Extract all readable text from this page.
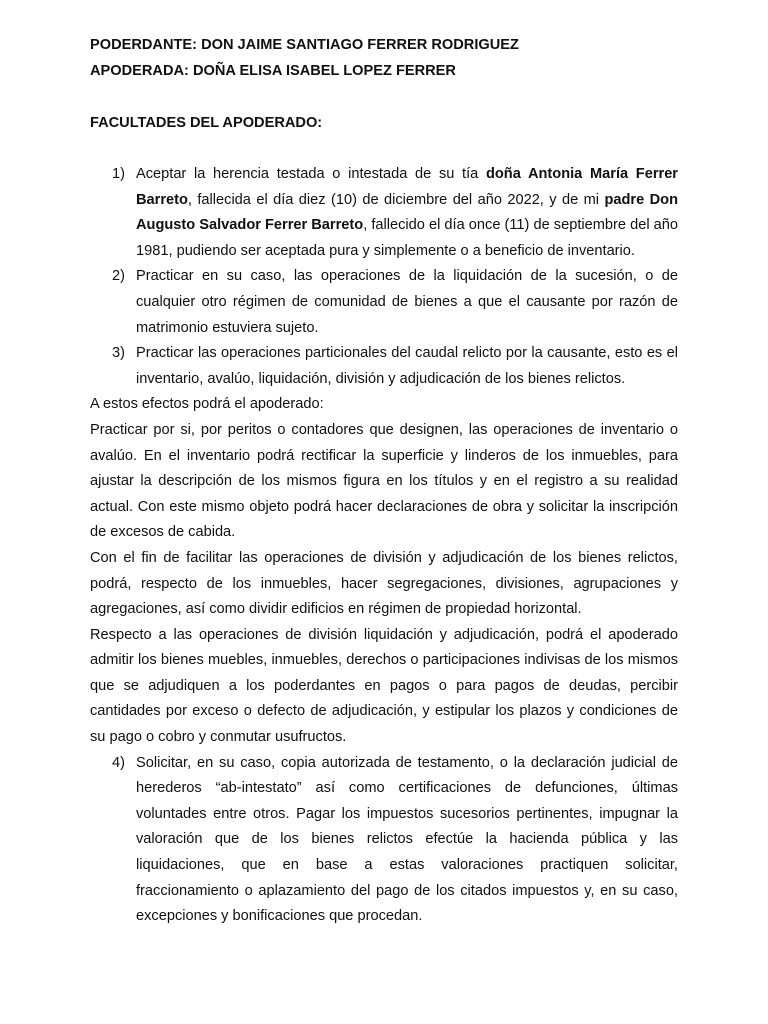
PODERDANTE: DON JAIME SANTIAGO FERRER RODRIGUEZ

APODERADA: DOÑA ELISA ISABEL LOPEZ FERRER

FACULTADES DEL APODERADO:

1) Aceptar la herencia testada o intestada de su tía doña Antonia María Ferrer Barreto, fallecida el día diez (10) de diciembre del año 2022, y de mi padre Don Augusto Salvador Ferrer Barreto, fallecido el día once (11) de septiembre del año 1981, pudiendo ser aceptada pura y simplemente o a beneficio de inventario.
2) Practicar en su caso, las operaciones de la liquidación de la sucesión, o de cualquier otro régimen de comunidad de bienes a que el causante por razón de matrimonio estuviera sujeto.
3) Practicar las operaciones particionales del caudal relicto por la causante, esto es el inventario, avalúo, liquidación, división y adjudicación de los bienes relictos.

A estos efectos podrá el apoderado:

Practicar por si, por peritos o contadores que designen, las operaciones de inventario o avalúo. En el inventario podrá rectificar la superficie y linderos de los inmuebles, para ajustar la descripción de los mismos figura en los títulos y en el registro a su realidad actual. Con este mismo objeto podrá hacer declaraciones de obra y solicitar la inscripción de excesos de cabida.

Con el fin de facilitar las operaciones de división y adjudicación de los bienes relictos, podrá, respecto de los inmuebles, hacer segregaciones, divisiones, agrupaciones y agregaciones, así como dividir edificios en régimen de propiedad horizontal.

Respecto a las operaciones de división liquidación y adjudicación, podrá el apoderado admitir los bienes muebles, inmuebles, derechos o participaciones indivisas de los mismos que se adjudiquen a los poderdantes en pagos o para pagos de deudas, percibir cantidades por exceso o defecto de adjudicación, y estipular los plazos y condiciones de su pago o cobro y conmutar usufructos.

4) Solicitar, en su caso, copia autorizada de testamento, o la declaración judicial de herederos “ab-intestato” así como certificaciones de defunciones, últimas voluntades entre otros. Pagar los impuestos sucesorios pertinentes, impugnar la valoración que de los bienes relictos efectúe la hacienda pública y las liquidaciones, que en base a estas valoraciones practiquen solicitar, fraccionamiento o aplazamiento del pago de los citados impuestos y, en su caso, excepciones y bonificaciones que procedan.
